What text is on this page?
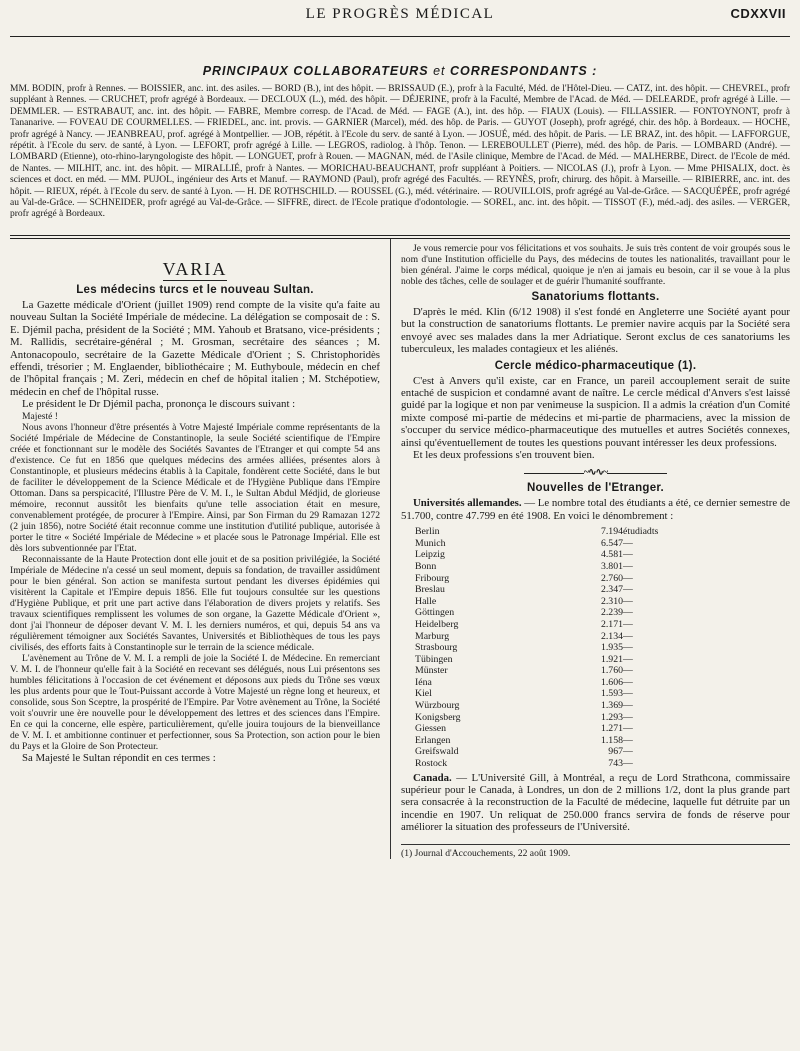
LE PROGRÈS MÉDICAL	CDXXVII
PRINCIPAUX COLLABORATEURS et CORRESPONDANTS :

MM. BODIN, profr à Rennes. — BOISSIER, anc. int. des asiles. — BORD (B.), int des hôpit. — BRISSAUD (E.), profr à la Faculté, Méd. de l'Hôtel-Dieu. — CATZ, int. des hôpit. — CHEVREL, profr suppléant à Rennes. — CRUCHET, profr agrégé à Bordeaux. — DECLOUX (L.), méd. des hôpit. — DÉJERINE, profr à la Faculté, Membre de l'Acad. de Méd. — DELEARDE, profr agrégé à Lille. — DEMMLER. — ESTRABAUT, anc. int. des hôpit. — FABRE, Membre corresp. de l'Acad. de Méd. — FAGE (A.), int. des hôp. — FIAUX (Louis). — FILLASSIER. — FONTOYNONT, profr à Tananarive. — FOVEAU DE COURMELLES. — FRIEDEL, anc. int. provis. — GARNIER (Marcel), méd. des hôp. de Paris. — GUYOT (Joseph), profr agrégé, chir. des hôp. à Bordeaux. — HOCHE, profr agrégé à Nancy. — JEANBREAU, prof. agrégé à Montpellier. — JOB, répétit. à l'Ecole du serv. de santé à Lyon. — JOSUÉ, méd. des hôpit. de Paris. — LE BRAZ, int. des hôpit. — LAFFORGUE, répétit. à l'Ecole du serv. de santé, à Lyon. — LEFORT, profr agrégé à Lille. — LEGROS, radiolog. à l'hôp. Tenon. — LEREBOULLET (Pierre), méd. des hôp. de Paris. — LOMBARD (André). — LOMBARD (Etienne), oto-rhino-laryngologiste des hôpit. — LONGUET, profr à Rouen. — MAGNAN, méd. de l'Asile clinique, Membre de l'Acad. de Méd. — MALHERBE, Direct. de l'Ecole de méd. de Nantes. — MILHIT, anc. int. des hôpit. — MIRALLIÉ, profr à Nantes. — MORICHAU-BEAUCHANT, profr suppléant à Poitiers. — NICOLAS (J.), profr à Lyon. — Mme PHISALIX, doct. ès sciences et doct. en méd. — MM. PUJOL, ingénieur des Arts et Manuf. — RAYMOND (Paul), profr agrégé des Facultés. — REYNÈS, profr, chirurg. des hôpit. à Marseille. — RIBIERRE, anc. int. des hôpit. — RIEUX, répét. à l'Ecole du serv. de santé à Lyon. — H. DE ROTHSCHILD. — ROUSSEL (G.), méd. vétérinaire. — ROUVILLOIS, profr agrégé au Val-de-Grâce. — SACQUÉPÉE, profr agrégé au Val-de-Grâce. — SCHNEIDER, profr agrégé au Val-de-Grâce. — SIFFRE, direct. de l'Ecole pratique d'odontologie. — SOREL, anc. int. des hôpit. — TISSOT (F.), méd.-adj. des asiles. — VERGER, profr agrégé à Bordeaux.

VARIA
Les médecins turcs et le nouveau Sultan.

La Gazette médicale d'Orient (juillet 1909) rend compte de la visite qu'a faite au nouveau Sultan la Société Impériale de médecine. La délégation se composait de : S. E. Djémil pacha, président de la Société ; MM. Yahoub et Bratsano, vice-présidents ; M. Rallidis, secrétaire-général ; M. Grosman, secrétaire des séances ; M. Antonacopoulo, secrétaire de la Gazette Médicale d'Orient ; S. Christophoridès effendi, trésorier ; M. Englaender, bibliothécaire ; M. Euthyboule, médecin en chef de l'hôpital français ; M. Zeri, médecin en chef de hôpital italien ; M. Stchépotiew, médecin en chef de l'hôpital russe.

Le président le Dr Djémil pacha, prononça le discours suivant :

Majesté !

Nous avons l'honneur d'être présentés à Votre Majesté Impériale comme représentants de la Société Impériale de Médecine de Constantinople, la seule Société scientifique de l'Empire créée et fonctionnant sur le modèle des Sociétés Savantes de l'Etranger et qui compte 54 ans d'existence. Ce fut en 1856 que quelques médecins des armées alliées, présentes alors à Constantinople, et plusieurs médecins établis à la Capitale, fondèrent cette Société, dans le but de faciliter le développement de la Science Médicale et de l'Hygiène Publique dans l'Empire Ottoman. Dans sa perspicacité, l'Illustre Père de V. M. I., le Sultan Abdul Médjid, de glorieuse mémoire, reconnut aussitôt les bienfaits qu'une telle association était en mesure, convenablement protégée, de procurer à l'Empire. Ainsi, par Son Firman du 29 Ramazan 1272 (2 juin 1856), notre Société était reconnue comme une institution d'utilité publique, autorisée à porter le titre « Société Impériale de Médecine » et placée sous le Patronage Impérial. Elle est dès lors subventionnée par l'Etat.

Reconnaissante de la Haute Protection dont elle jouit et de sa position privilégiée, la Société Impériale de Médecine n'a cessé un seul moment, depuis sa fondation, de travailler assidûment pour le bien général. Son action se manifesta surtout pendant les diverses épidémies qui visitèrent la Capitale et l'Empire depuis 1856. Elle fut toujours consultée sur les questions d'Hygiène Publique, et prit une part active dans l'élaboration de divers projets y relatifs. Ses travaux scientifiques remplissent les volumes de son organe, la Gazette Médicale d'Orient », dont j'ai l'honneur de déposer devant V. M. I. les derniers numéros, et qui, depuis 54 ans va régulièrement témoigner aux Sociétés Savantes, Universités et Bibliothèques de tous les pays civilisés, des efforts faits à Constantinople sur le terrain de la science médicale.

L'avènement au Trône de V. M. I. a rempli de joie la Société I. de Médecine. En remerciant V. M. I. de l'honneur qu'elle fait à la Société en recevant ses délégués, nous Lui présentons ses humbles félicitations à l'occasion de cet événement et déposons aux pieds du Trône ses vœux les plus ardents pour que le Tout-Puissant accorde à Votre Majesté un règne long et heureux, et consolide, sous Son Sceptre, la prospérité de l'Empire. Par Votre avènement au Trône, la Société voit s'ouvrir une ère nouvelle pour le développement des lettres et des sciences dans l'Empire. En ce qui la concerne, elle espère, particulièrement, qu'elle jouira toujours de la bienveillance de V. M. I. et ambitionne continuer et perfectionner, sous Sa Protection, son action pour le bien du Pays et la Gloire de Son Protecteur.

Sa Majesté le Sultan répondit en ces termes :

Je vous remercie pour vos félicitations et vos souhaits. Je suis très content de voir groupés sous le nom d'une Institution officielle du Pays, des médecins de toutes les nationalités, travaillant pour le bien général. J'aime le corps médical, quoique je n'en ai jamais eu besoin, car il se voue à la plus noble des tâches, celle de soulager et de guérir l'humanité souffrante.

Sanatoriums flottants.

D'après le méd. Klin (6/12 1908) il s'est fondé en Angleterre une Société ayant pour but la construction de sanatoriums flottants. Le premier navire acquis par la Société sera envoyé avec ses malades dans la mer Adriatique. Seront exclus de ces sanatoriums les tuberculeux, les malades contagieux et les aliénés.

Cercle médico-pharmaceutique (1).

C'est à Anvers qu'il existe, car en France, un pareil accouplement serait de suite entaché de suspicion et condamné avant de naître. Le cercle médical d'Anvers s'est laissé guidé par la logique et non par venimeuse la suspicion. Il a admis la création d'un Comité mixte composé mi-partie de médecins et mi-partie de pharmaciens, avec la mission de s'occuper du service médico-pharmaceutique des mutuelles et autres Sociétés connexes, ainsi qu'éventuellement de toutes les questions pouvant intéresser les deux professions.

Et les deux professions s'en trouvent bien.

~∿∿~
Nouvelles de l'Etranger.

Universités allemandes. — Le nombre total des étudiants a été, ce dernier semestre de 51.700, contre 47.799 en été 1908. En voici le dénombrement :

Berlin	7.194	étudiadts
Munich	6.547	—
Leipzig	4.581	—
Bonn	3.801	—
Fribourg	2.760	—
Breslau	2.347	—
Halle	2.310	—
Göttingen	2.239	—
Heidelberg	2.171	—
Marburg	2.134	—
Strasbourg	1.935	—
Tübingen	1.921	—
Münster	1.760	—
Iéna	1.606	—
Kiel	1.593	—
Würzbourg	1.369	—
Konigsberg	1.293	—
Giessen	1.271	—
Erlangen	1.158	—
Greifswald	967	—
Rostock	743	—

Canada. — L'Université Gill, à Montréal, a reçu de Lord Strathcona, commissaire supérieur pour le Canada, à Londres, un don de 2 millions 1/2, dont la plus grande part sera consacrée à la reconstruction de la Faculté de médecine, laquelle fut détruite par un incendie en 1907. Un reliquat de 250.000 francs servira de fonds de réserve pour améliorer la situation des professeurs de l'Université.

(1) Journal d'Accouchements, 22 août 1909.
